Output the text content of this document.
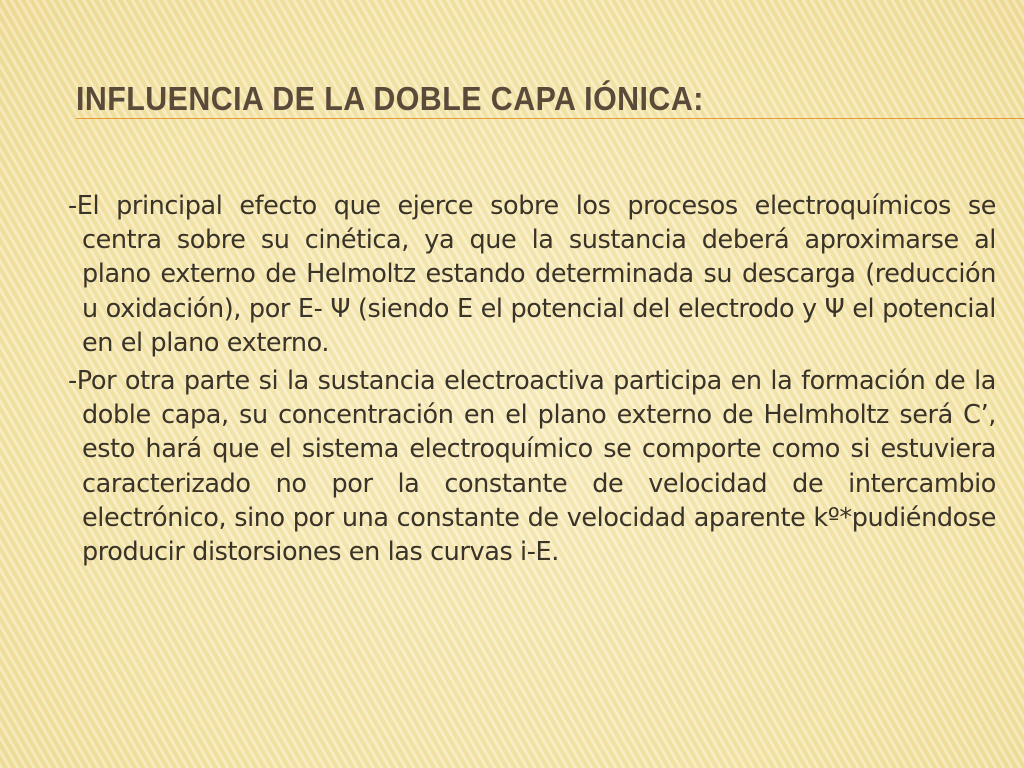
INFLUENCIA DE LA DOBLE CAPA IÓNICA:

-El principal efecto que ejerce sobre los procesos electroquímicos se centra sobre su cinética, ya que la sustancia deberá aproximarse al plano externo de Helmoltz estando determinada su descarga (reducción u oxidación), por E- Ψ (siendo E el potencial del electrodo y Ψ el potencial en el plano externo.

-Por otra parte si la sustancia electroactiva participa en la formación de la doble capa, su concentración en el plano externo de Helmholtz será C’, esto hará que el sistema electroquímico se comporte como si estuviera caracterizado no por la constante de velocidad de intercambio electrónico, sino por una constante de velocidad aparente kº*pudiéndose producir distorsiones en las curvas i-E.
